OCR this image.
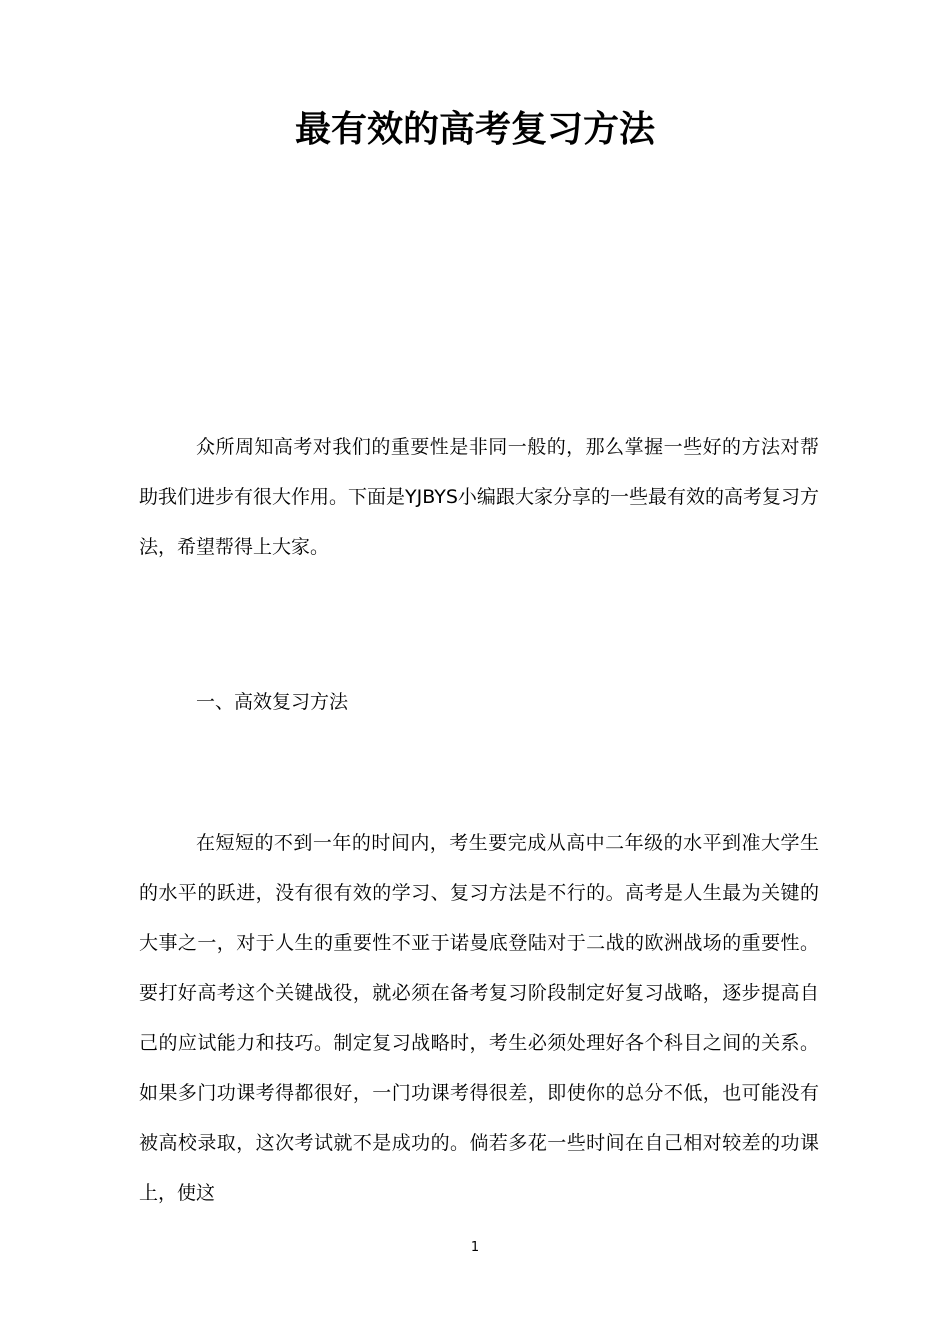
最有效的高考复习方法

众所周知高考对我们的重要性是非同一般的，那么掌握一些好的方法对帮助我们进步有很大作用。下面是YJBYS小编跟大家分享的一些最有效的高考复习方法，希望帮得上大家。

一、高效复习方法

在短短的不到一年的时间内，考生要完成从高中二年级的水平到准大学生的水平的跃进，没有很有效的学习、复习方法是不行的。高考是人生最为关键的大事之一，对于人生的重要性不亚于诺曼底登陆对于二战的欧洲战场的重要性。要打好高考这个关键战役，就必须在备考复习阶段制定好复习战略，逐步提高自己的应试能力和技巧。制定复习战略时，考生必须处理好各个科目之间的关系。如果多门功课考得都很好，一门功课考得很差，即使你的总分不低，也可能没有被高校录取，这次考试就不是成功的。倘若多花一些时间在自己相对较差的功课上，使这

1
